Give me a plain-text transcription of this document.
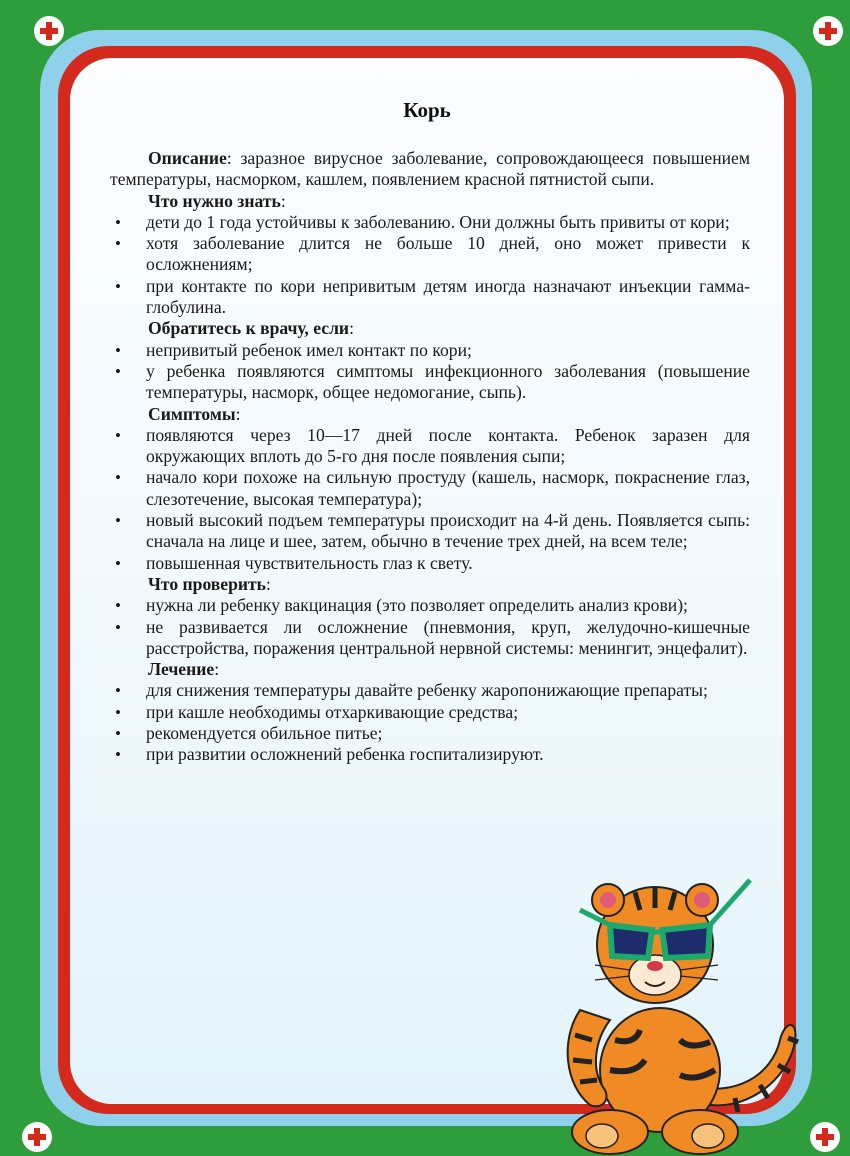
Корь

Описание: заразное вирусное заболевание, сопровождающееся повышением температуры, насморком, кашлем, появлением красной пятнистой сыпи.

Что нужно знать:

• дети до 1 года устойчивы к заболеванию. Они должны быть привиты от кори;
• хотя заболевание длится не больше 10 дней, оно может привести к осложнениям;
• при контакте по кори непривитым детям иногда назначают инъекции гамма-глобулина.

Обратитесь к врачу, если:

• непривитый ребенок имел контакт по кори;
• у ребенка появляются симптомы инфекционного заболевания (повышение температуры, насморк, общее недомогание, сыпь).

Симптомы:

• появляются через 10—17 дней после контакта. Ребенок заразен для окружающих вплоть до 5-го дня после появления сыпи;
• начало кори похоже на сильную простуду (кашель, насморк, покраснение глаз, слезотечение, высокая температура);
• новый высокий подъем температуры происходит на 4-й день. Появляется сыпь: сначала на лице и шее, затем, обычно в течение трех дней, на всем теле;
• повышенная чувствительность глаз к свету.

Что проверить:

• нужна ли ребенку вакцинация (это позволяет определить анализ крови);
• не развивается ли осложнение (пневмония, круп, желудочно-кишечные расстройства, поражения центральной нервной системы: менингит, энцефалит).

Лечение:

• для снижения температуры давайте ребенку жаропонижающие препараты;
• при кашле необходимы отхаркивающие средства;
• рекомендуется обильное питье;
• при развитии осложнений ребенка госпитализируют.
